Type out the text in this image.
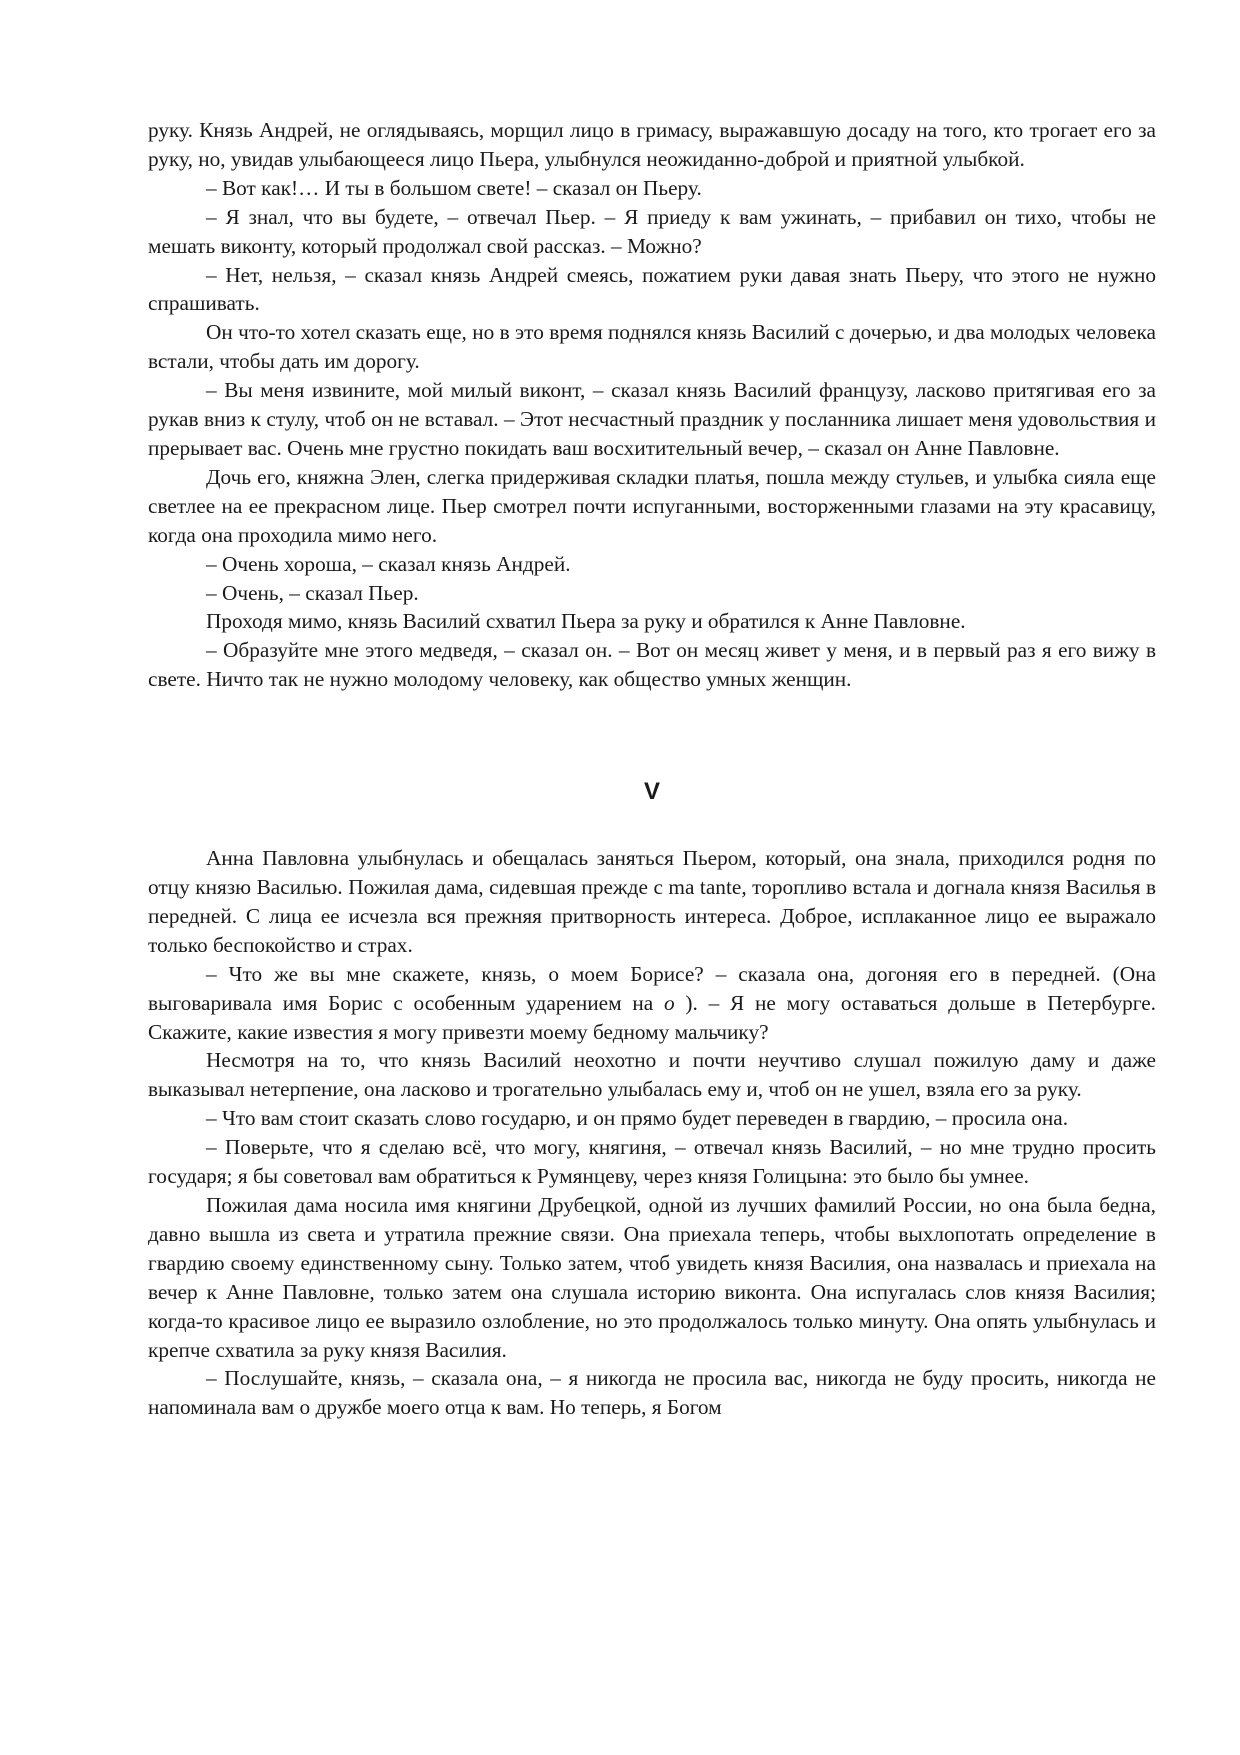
руку. Князь Андрей, не оглядываясь, морщил лицо в гримасу, выражавшую досаду на того, кто трогает его за руку, но, увидав улыбающееся лицо Пьера, улыбнулся неожиданно-доброй и приятной улыбкой.

– Вот как!… И ты в большом свете! – сказал он Пьеру.

– Я знал, что вы будете, – отвечал Пьер. – Я приеду к вам ужинать, – прибавил он тихо, чтобы не мешать виконту, который продолжал свой рассказ. – Можно?

– Нет, нельзя, – сказал князь Андрей смеясь, пожатием руки давая знать Пьеру, что этого не нужно спрашивать.

Он что-то хотел сказать еще, но в это время поднялся князь Василий с дочерью, и два молодых человека встали, чтобы дать им дорогу.

– Вы меня извините, мой милый виконт, – сказал князь Василий французу, ласково притягивая его за рукав вниз к стулу, чтоб он не вставал. – Этот несчастный праздник у посланника лишает меня удовольствия и прерывает вас. Очень мне грустно покидать ваш восхитительный вечер, – сказал он Анне Павловне.

Дочь его, княжна Элен, слегка придерживая складки платья, пошла между стульев, и улыбка сияла еще светлее на ее прекрасном лице. Пьер смотрел почти испуганными, восторженными глазами на эту красавицу, когда она проходила мимо него.

– Очень хороша, – сказал князь Андрей.

– Очень, – сказал Пьер.

Проходя мимо, князь Василий схватил Пьера за руку и обратился к Анне Павловне.

– Образуйте мне этого медведя, – сказал он. – Вот он месяц живет у меня, и в первый раз я его вижу в свете. Ничто так не нужно молодому человеку, как общество умных женщин.

V

Анна Павловна улыбнулась и обещалась заняться Пьером, который, она знала, приходился родня по отцу князю Василью. Пожилая дама, сидевшая прежде с ma tante, торопливо встала и догнала князя Василья в передней. С лица ее исчезла вся прежняя притворность интереса. Доброе, исплаканное лицо ее выражало только беспокойство и страх.

– Что же вы мне скажете, князь, о моем Борисе? – сказала она, догоняя его в передней. (Она выговаривала имя Борис с особенным ударением на о ). – Я не могу оставаться дольше в Петербурге. Скажите, какие известия я могу привезти моему бедному мальчику?

Несмотря на то, что князь Василий неохотно и почти неучтиво слушал пожилую даму и даже выказывал нетерпение, она ласково и трогательно улыбалась ему и, чтоб он не ушел, взяла его за руку.

– Что вам стоит сказать слово государю, и он прямо будет переведен в гвардию, – просила она.

– Поверьте, что я сделаю всё, что могу, княгиня, – отвечал князь Василий, – но мне трудно просить государя; я бы советовал вам обратиться к Румянцеву, через князя Голицына: это было бы умнее.

Пожилая дама носила имя княгини Друбецкой, одной из лучших фамилий России, но она была бедна, давно вышла из света и утратила прежние связи. Она приехала теперь, чтобы выхлопотать определение в гвардию своему единственному сыну. Только затем, чтоб увидеть князя Василия, она назвалась и приехала на вечер к Анне Павловне, только затем она слушала историю виконта. Она испугалась слов князя Василия; когда-то красивое лицо ее выразило озлобление, но это продолжалось только минуту. Она опять улыбнулась и крепче схватила за руку князя Василия.

– Послушайте, князь, – сказала она, – я никогда не просила вас, никогда не буду просить, никогда не напоминала вам о дружбе моего отца к вам. Но теперь, я Богом
